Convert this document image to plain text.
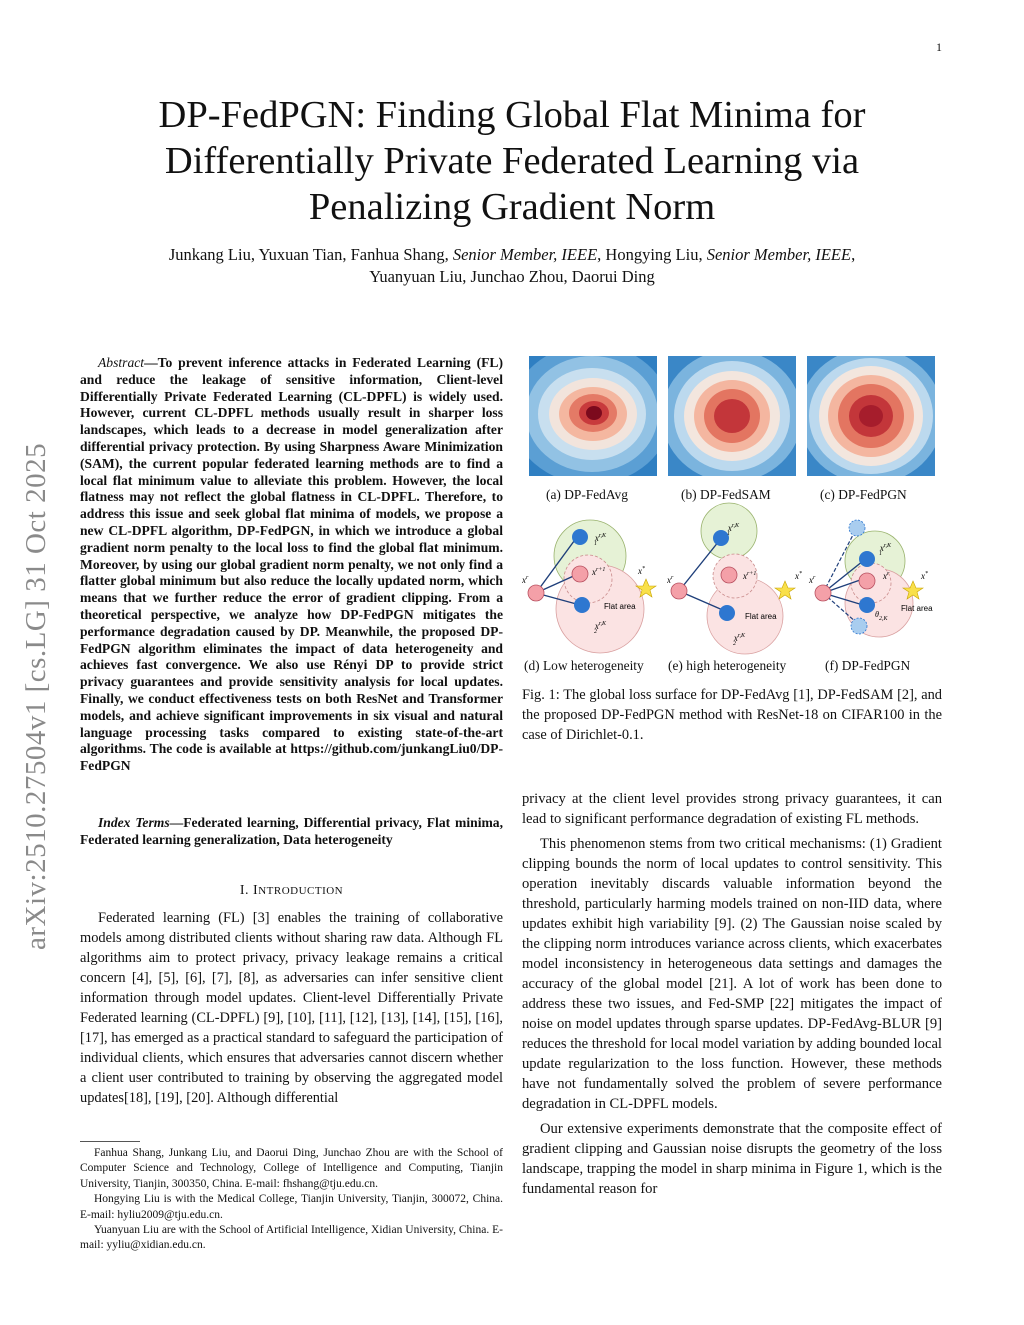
1
arXiv:2510.27504v1 [cs.LG] 31 Oct 2025
DP-FedPGN: Finding Global Flat Minima for
Differentially Private Federated Learning via
Penalizing Gradient Norm
Junkang Liu, Yuxuan Tian, Fanhua Shang, Senior Member, IEEE, Hongying Liu, Senior Member, IEEE,
Yuanyuan Liu, Junchao Zhou, Daorui Ding
Abstract—To prevent inference attacks in Federated Learning (FL) and reduce the leakage of sensitive information, Client-level Differentially Private Federated Learning (CL-DPFL) is widely used. However, current CL-DPFL methods usually result in sharper loss landscapes, which leads to a decrease in model generalization after differential privacy protection. By using Sharpness Aware Minimization (SAM), the current popular federated learning methods are to find a local flat minimum value to alleviate this problem. However, the local flatness may not reflect the global flatness in CL-DPFL. Therefore, to address this issue and seek global flat minima of models, we propose a new CL-DPFL algorithm, DP-FedPGN, in which we introduce a global gradient norm penalty to the local loss to find the global flat minimum. Moreover, by using our global gradient norm penalty, we not only find a flatter global minimum but also reduce the locally updated norm, which means that we further reduce the error of gradient clipping. From a theoretical perspective, we analyze how DP-FedPGN mitigates the performance degradation caused by DP. Meanwhile, the proposed DP-FedPGN algorithm eliminates the impact of data heterogeneity and achieves fast convergence. We also use Rényi DP to provide strict privacy guarantees and provide sensitivity analysis for local updates. Finally, we conduct effectiveness tests on both ResNet and Transformer models, and achieve significant improvements in six visual and natural language processing tasks compared to existing state-of-the-art algorithms. The code is available at https://github.com/junkangLiu0/DP-FedPGN
Index Terms—Federated learning, Differential privacy, Flat minima, Federated learning generalization, Data heterogeneity
I. INTRODUCTION
Federated learning (FL) [3] enables the training of collaborative models among distributed clients without sharing raw data. Although FL algorithms aim to protect privacy, privacy leakage remains a critical concern [4], [5], [6], [7], [8], as adversaries can infer sensitive client information through model updates. Client-level Differentially Private Federated learning (CL-DPFL) [9], [10], [11], [12], [13], [14], [15], [16], [17], has emerged as a practical standard to safeguard the participation of individual clients, which ensures that adversaries cannot discern whether a client user contributed to training by observing the aggregated model updates[18], [19], [20]. Although differential

Fanhua Shang, Junkang Liu, and Daorui Ding, Junchao Zhou are with the School of Computer Science and Technology, College of Intelligence and Computing, Tianjin University, Tianjin, 300350, China. E-mail: fhshang@tju.edu.cn.

Hongying Liu is with the Medical College, Tianjin University, Tianjin, 300072, China. E-mail: hyliu2009@tju.edu.cn.

Yuanyuan Liu are with the School of Artificial Intelligence, Xidian University, China. E-mail: yyliu@xidian.edu.cn.

(a) DP-FedAvg	(b) DP-FedSAM	(c) DP-FedPGN
$x^r$
$x^{r,K}$ 1
$x^{r+1}$	x*
$x^{r,K}$ 2
Flat area
$x^r$
$x^{r,K}$ 1
$x^{r+1}$	x*
$x^{r,K}$ 2
Flat area
$x^r$
$x^{r,K}$ 1
$x^r$	x*
$\theta_{2,K}$
Flat area
(d) Low heterogeneity (e) high heterogeneity	(f) DP-FedPGN
Fig. 1: The global loss surface for DP-FedAvg [1], DP-FedSAM [2], and the proposed DP-FedPGN method with ResNet-18 on CIFAR100 in the case of Dirichlet-0.1.

privacy at the client level provides strong privacy guarantees, it can lead to significant performance degradation of existing FL methods.

This phenomenon stems from two critical mechanisms: (1) Gradient clipping bounds the norm of local updates to control sensitivity. This operation inevitably discards valuable information beyond the threshold, particularly harming models trained on non-IID data, where updates exhibit high variability [9]. (2) The Gaussian noise scaled by the clipping norm introduces variance across clients, which exacerbates model inconsistency in heterogeneous data settings and damages the accuracy of the global model [21]. A lot of work has been done to address these two issues, and Fed-SMP [22] mitigates the impact of noise on model updates through sparse updates. DP-FedAvg-BLUR [9] reduces the threshold for local model variation by adding bounded local update regularization to the loss function. However, these methods have not fundamentally solved the problem of severe performance degradation in CL-DPFL models.

Our extensive experiments demonstrate that the composite effect of gradient clipping and Gaussian noise disrupts the geometry of the loss landscape, trapping the model in sharp minima in Figure 1, which is the fundamental reason for
